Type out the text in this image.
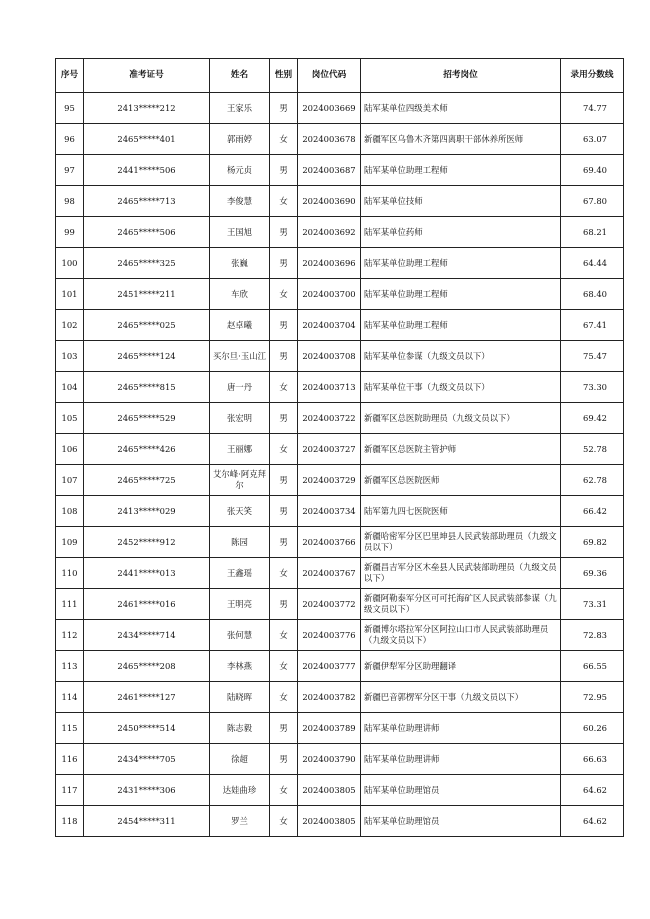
序号	准考证号	姓名	性别	岗位代码	招考岗位	录用分数线
95	2413*****212	王家乐	男	2024003669	陆军某单位四级美术师	74.77
96	2465*****401	郭雨婷	女	2024003678	新疆军区乌鲁木齐第四离职干部休养所医师	63.07
97	2441*****506	杨元贞	男	2024003687	陆军某单位助理工程师	69.40
98	2465*****713	李俊慧	女	2024003690	陆军某单位技师	67.80
99	2465*****506	王国旭	男	2024003692	陆军某单位药师	68.21
100	2465*****325	张巍	男	2024003696	陆军某单位助理工程师	64.44
101	2451*****211	车欣	女	2024003700	陆军某单位助理工程师	68.40
102	2465*****025	赵卓曦	男	2024003704	陆军某单位助理工程师	67.41
103	2465*****124	买尔旦·玉山江	男	2024003708	陆军某单位参谋（九级文员以下）	75.47
104	2465*****815	唐一丹	女	2024003713	陆军某单位干事（九级文员以下）	73.30
105	2465*****529	张宏明	男	2024003722	新疆军区总医院助理员（九级文员以下）	69.42
106	2465*****426	王丽娜	女	2024003727	新疆军区总医院主管护师	52.78
107	2465*****725	艾尔峰·阿克拜尔	男	2024003729	新疆军区总医院医师	62.78
108	2413*****029	张天笑	男	2024003734	陆军第九四七医院医师	66.42
109	2452*****912	陈园	男	2024003766	新疆哈密军分区巴里坤县人民武装部助理员（九级文员以下）	69.82
110	2441*****013	王鑫瑶	女	2024003767	新疆昌吉军分区木垒县人民武装部助理员（九级文员以下）	69.36
111	2461*****016	王明亮	男	2024003772	新疆阿勒泰军分区可可托海矿区人民武装部参谋（九级文员以下）	73.31
112	2434*****714	张何慧	女	2024003776	新疆博尔塔拉军分区阿拉山口市人民武装部助理员（九级文员以下）	72.83
113	2465*****208	李林燕	女	2024003777	新疆伊犁军分区助理翻译	66.55
114	2461*****127	陆晓晖	女	2024003782	新疆巴音郭楞军分区干事（九级文员以下）	72.95
115	2450*****514	陈志毅	男	2024003789	陆军某单位助理讲师	60.26
116	2434*****705	徐超	男	2024003790	陆军某单位助理讲师	66.63
117	2431*****306	达娃曲珍	女	2024003805	陆军某单位助理馆员	64.62
118	2454*****311	罗兰	女	2024003805	陆军某单位助理馆员	64.62
